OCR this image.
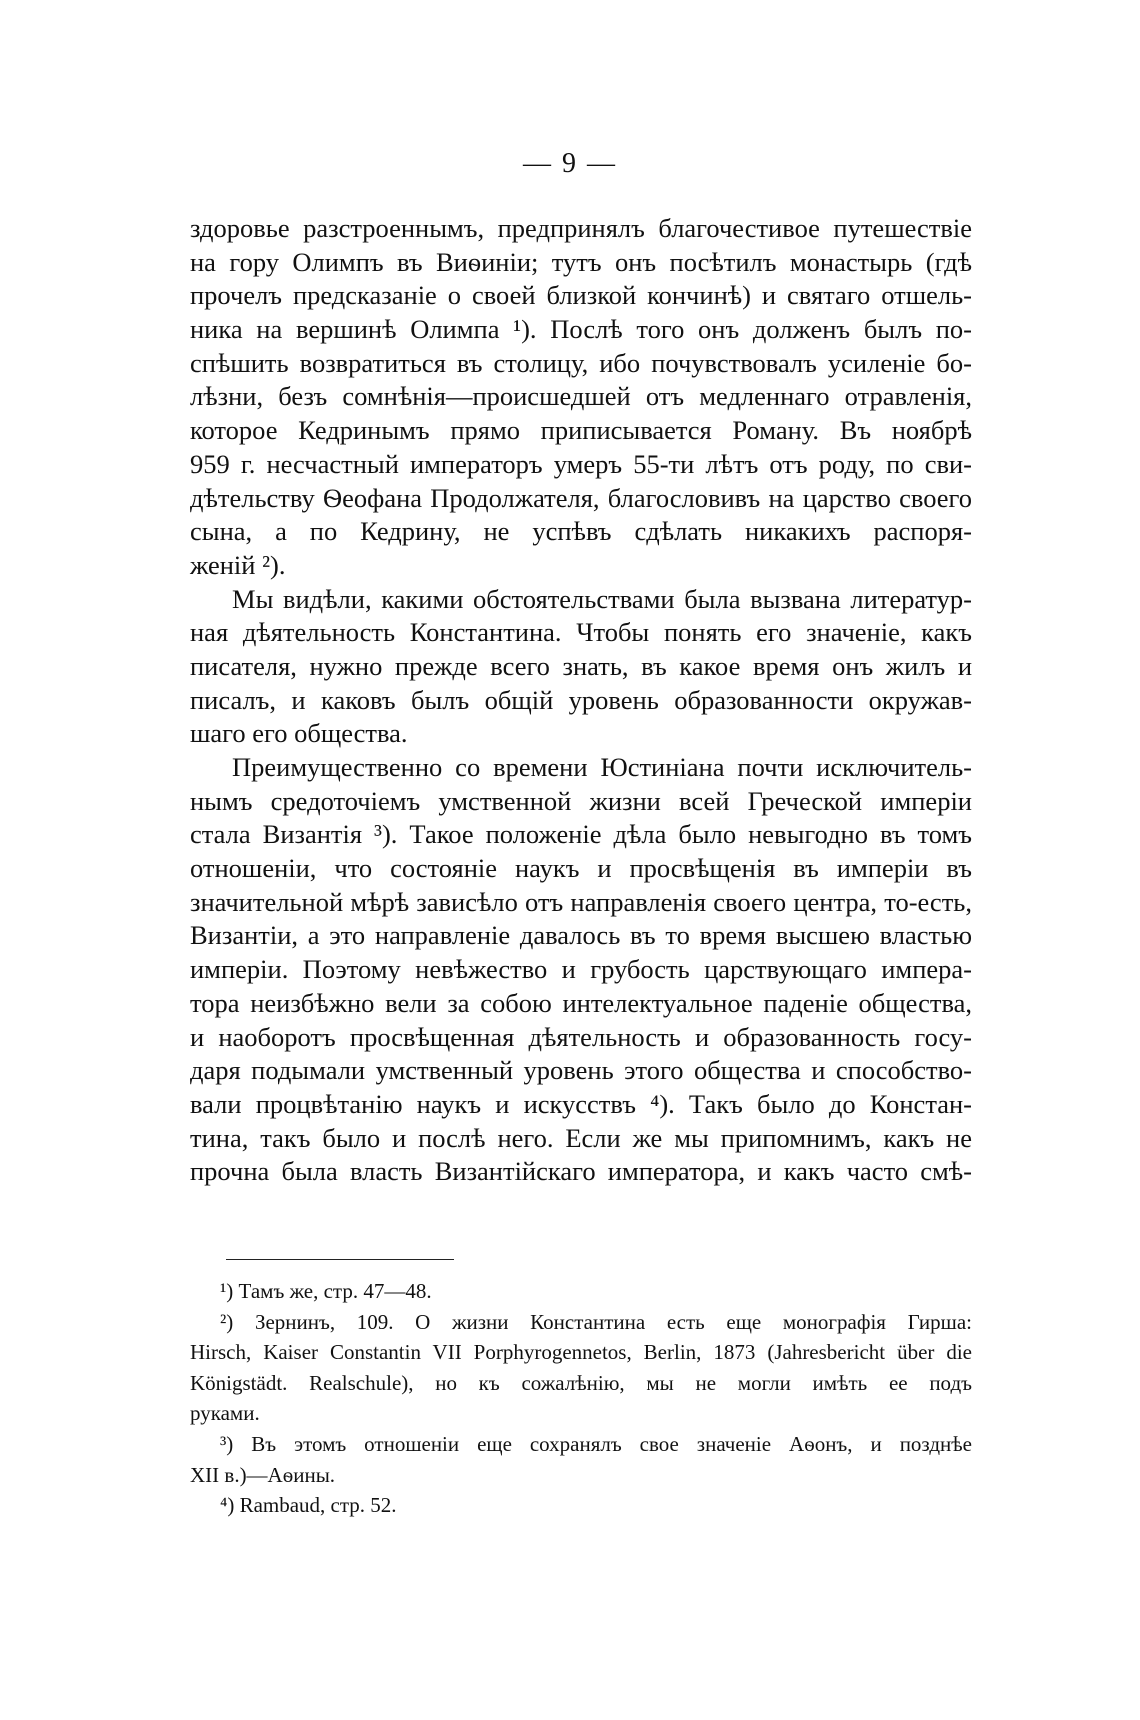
— 9 —
здоровье разстроеннымъ, предпринялъ благочестивое путешествіе
на гору Олимпъ въ Виѳиніи; тутъ онъ посѣтилъ монастырь (гдѣ
прочелъ предсказаніе о своей близкой кончинѣ) и святаго отшель-
ника на вершинѣ Олимпа ¹). Послѣ того онъ долженъ былъ по-
спѣшить возвратиться въ столицу, ибо почувствовалъ усиленіе бо-
лѣзни, безъ сомнѣнія—происшедшей отъ медленнаго отравленія,
которое Кедринымъ прямо приписывается Роману. Въ ноябрѣ
959 г. несчастный императоръ умеръ 55-ти лѣтъ отъ роду, по сви-
дѣтельству Ѳеофана Продолжателя, благословивъ на царство своего
сына, а по Кедрину, не успѣвъ сдѣлать никакихъ распоря-
женій ²).
Мы видѣли, какими обстоятельствами была вызвана литератур-
ная дѣятельность Константина. Чтобы понять его значеніе, какъ
писателя, нужно прежде всего знать, въ какое время онъ жилъ и
писалъ, и каковъ былъ общій уровень образованности окружав-
шаго его общества.
Преимущественно со времени Юстиніана почти исключитель-
нымъ средоточіемъ умственной жизни всей Греческой имперіи
стала Византія ³). Такое положеніе дѣла было невыгодно въ томъ
отношеніи, что состояніе наукъ и просвѣщенія въ имперіи въ
значительной мѣрѣ зависѣло отъ направленія своего центра, то-есть,
Византіи, а это направленіе давалось въ то время высшею властью
имперіи. Поэтому невѣжество и грубость царствующаго импера-
тора неизбѣжно вели за собою интелектуальное паденіе общества,
и наоборотъ просвѣщенная дѣятельность и образованность госу-
даря подымали умственный уровень этого общества и способство-
вали процвѣтанію наукъ и искусствъ ⁴). Такъ было до Констан-
тина, такъ было и послѣ него. Если же мы припомнимъ, какъ не
прочна была власть Византійскаго императора, и какъ часто смѣ-
¹) Тамъ же, стр. 47—48.
²) Зернинъ, 109. О жизни Константина есть еще монографія Гирша:
Hirsch, Kaiser Constantin VII Porphyrogennetos, Berlin, 1873 (Jahresbericht über die
Königstädt. Realschule), но къ сожалѣнію, мы не могли имѣть ее подъ
руками.
³) Въ этомъ отношеніи еще сохранялъ свое значеніе Аѳонъ, и позднѣе
XII в.)—Аѳины.
⁴) Rambaud, стр. 52.
